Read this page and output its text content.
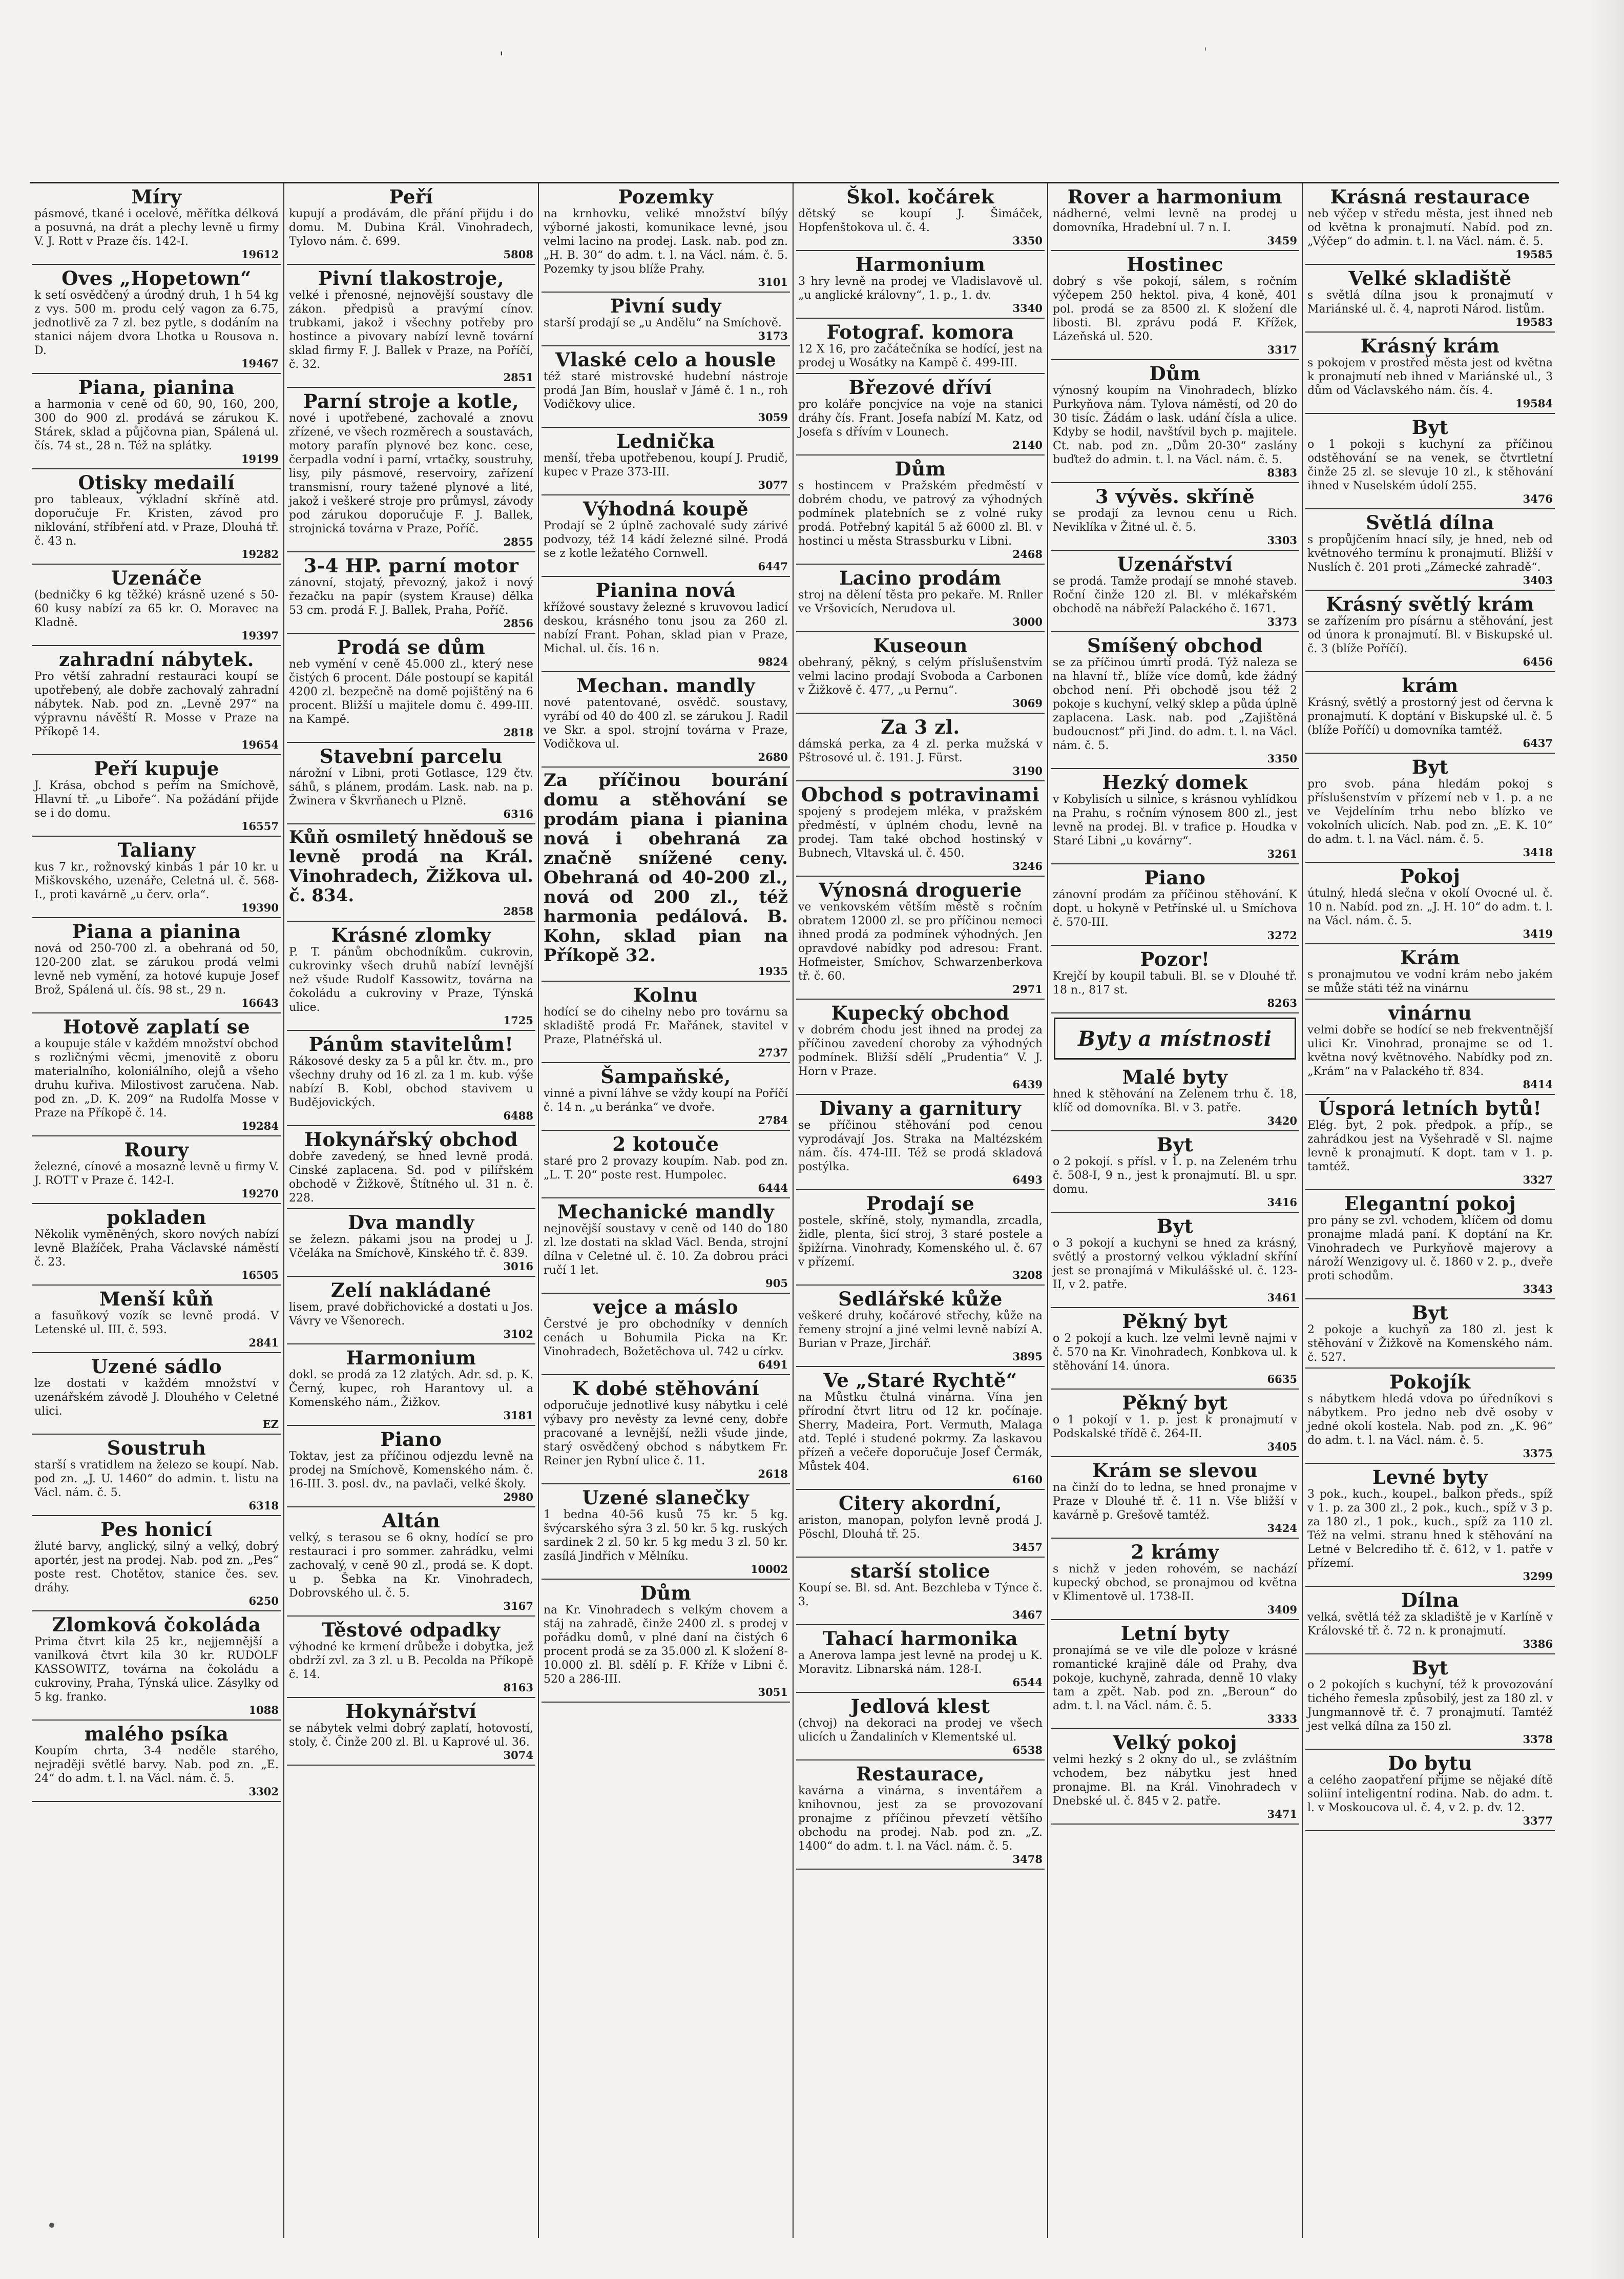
'	'
Míry
pásmové, tkané i ocelové, měřítka délková a posuvná, na drát a plechy levně u firmy V. J. Rott v Praze čís. 142-I.
19612
Oves „Hopetown“
k setí osvědčený a úrodný druh, 1 h 54 kg z vys. 500 m. produ celý vagon za 6.75, jednotlivě za 7 zl. bez pytle, s dodáním na stanici nájem dvora Lhotka u Rousova n. D.
19467
Piana, pianina
a harmonia v ceně od 60, 90, 160, 200, 300 do 900 zl. prodává se zárukou K. Stárek, sklad a půjčovna pian, Spálená ul. čís. 74 st., 28 n. Též na splátky.
19199
Otisky medailí
pro tableaux, výkladní skříně atd. doporučuje Fr. Kristen, závod pro niklování, stříbření atd. v Praze, Dlouhá tř. č. 43 n.
19282
Uzenáče
(bedničky 6 kg těžké) krásně uzené s 50-60 kusy nabízí za 65 kr. O. Moravec na Kladně.
19397
zahradní nábytek.
Pro větší zahradní restauraci koupí se upotřebený, ale dobře zachovalý zahradní nábytek. Nab. pod zn. „Levně 297“ na výpravnu návěští R. Mosse v Praze na Příkopě 14.
19654
Peří kupuje
J. Krása, obchod s peřím na Smíchově, Hlavní tř. „u Liboře“. Na požádání přijde se i do domu.
16557
Taliany
kus 7 kr., rožnovský kinbás 1 pár 10 kr. u Miškovského, uzenáře, Celetná ul. č. 568-I., proti kavárně „u červ. orla“.
19390
Piana a pianina
nová od 250-700 zl. a obehraná od 50, 120-200 zlat. se zárukou prodá velmi levně neb vymění, za hotové kupuje Josef Brož, Spálená ul. čís. 98 st., 29 n.
16643
Hotově zaplatí se
a koupuje stále v každém množství obchod s rozličnými věcmi, jmenovitě z oboru materialního, koloniálního, olejů a všeho druhu kuřiva. Milostivost zaručena. Nab. pod zn. „D. K. 209“ na Rudolfa Mosse v Praze na Příkopě č. 14.
19284
Roury
železné, cínové a mosazné levně u firmy V. J. ROTT v Praze č. 142-I.
19270
pokladen
Několik vyměněných, skoro nových nabízí levně Blažíček, Praha Václavské náměstí č. 23.
16505
Menší kůň
a fasuňkový vozík se levně prodá. V Letenské ul. III. č. 593.
2841
Uzené sádlo
lze dostati v každém množství v uzenářském závodě J. Dlouhého v Celetné ulici.
EZ
Soustruh
starší s vratidlem na železo se koupí. Nab. pod zn. „J. U. 1460“ do admin. t. listu na Václ. nám. č. 5.
6318
Pes honicí
žluté barvy, anglický, silný a velký, dobrý aportér, jest na prodej. Nab. pod zn. „Pes“ poste rest. Chotětov, stanice čes. sev. dráhy.
6250
Zlomková čokoláda
Prima čtvrt kila 25 kr., nejjemnější a vanilková čtvrt kila 30 kr. RUDOLF KASSOWITZ, továrna na čokoládu a cukroviny, Praha, Týnská ulice. Zásylky od 5 kg. franko.
1088
malého psíka
Koupím chrta, 3-4 neděle starého, nejraději světlé barvy. Nab. pod zn. „E. 24“ do adm. t. l. na Václ. nám. č. 5.
3302
Peří
kupují a prodávám, dle přání přijdu i do domu. M. Dubina Král. Vinohradech, Tylovo nám. č. 699.
5808
Pivní tlakostroje,
velké i přenosné, nejnovější soustavy dle zákon. předpisů a pravýmí cínov. trubkami, jakož i všechny potřeby pro hostince a pivovary nabízí levně tovární sklad firmy F. J. Ballek v Praze, na Poříčí, č. 32.
2851
Parní stroje a kotle,
nové i upotřebené, zachovalé a znovu zřízené, ve všech rozměrech a soustavách, motory parafín plynové bez konc. cese, čerpadla vodní i parní, vrtačky, soustruhy, lisy, pily pásmové, reservoiry, zařízení transmisní, roury tažené plynové a lité, jakož i veškeré stroje pro průmysl, závody pod zárukou doporučuje F. J. Ballek, strojnická továrna v Praze, Poříč.
2855
3-4 HP. parní motor
zánovní, stojatý, převozný, jakož i nový řezačku na papír (system Krause) dělka 53 cm. prodá F. J. Ballek, Praha, Poříč.
2856
Prodá se dům
neb vymění v ceně 45.000 zl., který nese čistých 6 procent. Dále postoupí se kapitál 4200 zl. bezpečně na domě pojištěný na 6 procent. Bližší u majitele domu č. 499-III. na Kampě.
2818
Stavební parcelu
nárožní v Libni, proti Gotlasce, 129 čtv. sáhů, s plánem, prodám. Lask. nab. na p. Žwinera v Škvrňanech u Plzně.
6316
Kůň osmiletý hnědouš se levně prodá na Král. Vinohradech, Žižkova ul. č. 834.
2858
Krásné zlomky
P. T. pánům obchodníkům. cukrovin, cukrovinky všech druhů nabízí levnější než všude Rudolf Kassowitz, továrna na čokoládu a cukroviny v Praze, Týnská ulice.
1725
Pánům stavitelům!
Rákosové desky za 5 a půl kr. čtv. m., pro všechny druhy od 16 zl. za 1 m. kub. výše nabízí B. Kobl, obchod stavivem u Budějovických.
6488
Hokynářský obchod
dobře zavedený, se hned levně prodá. Cinské zaplacena. Sd. pod v pilířském obchodě v Žižkově, Štítného ul. 31 n. č. 228.
Dva mandly
se železn. pákami jsou na prodej u J. Včeláka na Smíchově, Kinského tř. č. 839.
3016
Zelí nakládané
lisem, pravé dobřichovické a dostati u Jos. Vávry ve Všenorech.
3102
Harmonium
dokl. se prodá za 12 zlatých. Adr. sd. p. K. Černý, kupec, roh Harantovy ul. a Komenského nám., Žižkov.
3181
Piano
Toktav, jest za příčinou odjezdu levně na prodej na Smíchově, Komenského nám. č. 16-III. 3. posl. dv., na pavlači, velké školy.
2980
Altán
velký, s terasou se 6 okny, hodící se pro restauraci i pro sommer. zahrádku, velmi zachovalý, v ceně 90 zl., prodá se. K dopt. u p. Šebka na Kr. Vinohradech, Dobrovského ul. č. 5.
3167
Těstové odpadky
výhodné ke krmení drůbeže i dobytka, jež obdrží zvl. za 3 zl. u B. Pecolda na Příkopě č. 14.
8163
Hokynářství
se nábytek velmi dobrý zaplatí, hotovostí, stoly, č. Činže 200 zl. Bl. u Kaprové ul. 36.
3074
Pozemky
na krnhovku, veliké množství bílýy výborné jakosti, komunikace levné, jsou velmi lacino na prodej. Lask. nab. pod zn. „H. B. 30“ do adm. t. l. na Václ. nám. č. 5. Pozemky ty jsou blíže Prahy.
3101
Pivní sudy
starší prodají se „u Andělu“ na Smíchově.
3173
Vlaské celo a housle
též staré mistrovské hudební nástroje prodá Jan Bím, houslař v Jámě č. 1 n., roh Vodičkovy ulice.
3059
Lednička
menší, třeba upotřebenou, koupí J. Prudič, kupec v Praze 373-III.
3077
Výhodná koupě
Prodají se 2 úplně zachovalé sudy zárivé podvozy, též 14 kádí železné silné. Prodá se z kotle ležatého Cornwell.
6447
Pianina nová
křížové soustavy železné s kruvovou ladicí deskou, krásného tonu jsou za 260 zl. nabízí Frant. Pohan, sklad pian v Praze, Michal. ul. čís. 16 n.
9824
Mechan. mandly
nové patentované, osvědč. soustavy, vyrábí od 40 do 400 zl. se zárukou J. Radil ve Skr. a spol. strojní továrna v Praze, Vodičkova ul.
2680
Za příčinou bourání domu a stěhování se prodám piana i pianina nová i obehraná za značně snížené ceny. Obehraná od 40-200 zl., nová od 200 zl., též harmonia pedálová. B. Kohn, sklad pian na Příkopě 32.
1935
Kolnu
hodící se do cihelny nebo pro továrnu sa skladiště prodá Fr. Mařánek, stavitel v Praze, Platnéřská ul.
2737
Šampaňské,
vinné a pivní láhve se vždy koupí na Poříčí č. 14 n. „u beránka“ ve dvoře.
2784
2 kotouče
staré pro 2 provazy koupím. Nab. pod zn. „L. T. 20“ poste rest. Humpolec.
6444
Mechanické mandly
nejnovější soustavy v ceně od 140 do 180 zl. lze dostati na sklad Václ. Benda, strojní dílna v Celetné ul. č. 10. Za dobrou práci ručí 1 let.
905
vejce a máslo
Čerstvé je pro obchodníky v denních cenách u Bohumila Picka na Kr. Vinohradech, Božetěchova ul. 742 u církv.
6491
K dobé stěhování
odporučuje jednotlivé kusy nábytku i celé výbavy pro nevěsty za levné ceny, dobře pracované a levnější, nežli všude jinde, starý osvědčený obchod s nábytkem Fr. Reiner jen Rybní ulice č. 11.
2618
Uzené slanečky
1 bedna 40-56 kusů 75 kr. 5 kg. švýcarského sýra 3 zl. 50 kr. 5 kg. ruských sardinek 2 zl. 50 kr. 5 kg medu 3 zl. 50 kr. zasílá Jindřich v Mělníku.
10002
Dům
na Kr. Vinohradech s velkým chovem a stáj na zahradě, činže 2400 zl. s prodej v pořádku domů, v plné daní na čistých 6 procent prodá se za 35.000 zl. K složení 8-10.000 zl. Bl. sdělí p. F. Kříže v Libni č. 520 a 286-III.
3051
Škol. kočárek
dětský se koupí J. Šimáček, Hopfenštokova ul. č. 4.
3350
Harmonium
3 hry levně na prodej ve Vladislavově ul. „u anglické královny“, 1. p., 1. dv.
3340
Fotograf. komora
12 X 16, pro začátečníka se hodící, jest na prodej u Wosátky na Kampě č. 499-III.
Březové dříví
pro koláře poncjvíce na voje na stanici dráhy čís. Frant. Josefa nabízí M. Katz, od Josefa s dřívím v Lounech.
2140
Dům
s hostincem v Pražském předměstí v dobrém chodu, ve patrový za výhodných podmínek platebních se z volné ruky prodá. Potřebný kapitál 5 až 6000 zl. Bl. v hostinci u města Strassburku v Libni.
2468
Lacino prodám
stroj na dělení těsta pro pekaře. M. Rnller ve Vršovicích, Nerudova ul.
3000
Kuseoun
obehraný, pěkný, s celým příslušenstvím velmi lacino prodají Svoboda a Carbonen v Žižkově č. 477, „u Pernu“.
3069
Za 3 zl.
dámská perka, za 4 zl. perka mužská v Pštrosové ul. č. 191. J. Fürst.
3190
Obchod s potravinami
spojený s prodejem mléka, v pražském předměstí, v úplném chodu, levně na prodej. Tam také obchod hostinský v Bubnech, Vltavská ul. č. 450.
3246
Výnosná droguerie
ve venkovském větším městě s ročním obratem 12000 zl. se pro příčinou nemoci ihned prodá za podmínek výhodných. Jen opravdové nabídky pod adresou: Frant. Hofmeister, Smíchov, Schwarzenberkova tř. č. 60.
2971
Kupecký obchod
v dobrém chodu jest ihned na prodej za příčinou zavedení choroby za výhodných podmínek. Bližší sdělí „Prudentia“ V. J. Horn v Praze.
6439
Divany a garnitury
se příčinou stěhování pod cenou vyprodávají Jos. Straka na Maltézském nám. čís. 474-III. Též se prodá skladová postýlka.
6493
Prodají se
postele, skříně, stoly, nymandla, zrcadla, židle, plenta, šicí stroj, 3 staré postele a špižírna. Vinohrady, Komenského ul. č. 67 v přízemí.
3208
Sedlářské kůže
veškeré druhy, kočárové střechy, kůže na řemeny strojní a jiné velmi levně nabízí A. Burian v Praze, Jirchář.
3895
Ve „Staré Rychtě“
na Můstku čtulná vinárna. Vína jen přírodní čtvrt litru od 12 kr. počínaje. Sherry, Madeira, Port. Vermuth, Malaga atd. Teplé i studené pokrmy. Za laskavou přízeň a večeře doporučuje Josef Čermák, Můstek 404.
6160
Citery akordní,
ariston, manopan, polyfon levně prodá J. Pöschl, Dlouhá tř. 25.
3457
starší stolice
Koupí se. Bl. sd. Ant. Bezchleba v Týnce č. 3.
3467
Tahací harmonika
a Anerova lampa jest levně na prodej u K. Moravitz. Libnarská nám. 128-I.
6544
Jedlová klest
(chvoj) na dekoraci na prodej ve všech ulicích u Žandaliních v Klementské ul.
6538
Restaurace,
kavárna a vinárna, s inventářem a knihovnou, jest za se provozovaní pronajme z příčinou převzetí většího obchodu na prodej. Nab. pod zn. „Z. 1400“ do adm. t. l. na Václ. nám. č. 5.
3478
Rover a harmonium
nádherné, velmi levně na prodej u domovníka, Hradební ul. 7 n. I.
3459
Hostinec
dobrý s vše pokojí, sálem, s ročním výčepem 250 hektol. piva, 4 koně, 401 pol. prodá se za 8500 zl. K složení dle libosti. Bl. zprávu podá F. Křížek, Lázeňská ul. 520.
3317
Dům
výnosný koupím na Vinohradech, blízko Purkyňova nám. Tylova náměstí, od 20 do 30 tisíc. Žádám o lask. udání čísla a ulice. Kdyby se hodil, navštívil bych p. majitele. Ct. nab. pod zn. „Dům 20-30“ zaslány buďtež do admin. t. l. na Václ. nám. č. 5.
8383
3 vývěs. skříně
se prodají za levnou cenu u Rich. Neviklíka v Žitné ul. č. 5.
3303
Uzenářství
se prodá. Tamže prodají se mnohé staveb. Roční činže 120 zl. Bl. v mlékařském obchodě na nábřeží Palackého č. 1671.
3373
Smíšený obchod
se za příčinou úmrtí prodá. Týž naleza se na hlavní tř., blíže více domů, kde žádný obchod není. Při obchodě jsou též 2 pokoje s kuchyní, velký sklep a půda úplně zaplacena. Lask. nab. pod „Zajištěná budoucnost“ při Jind. do adm. t. l. na Václ. nám. č. 5.
3350
Hezký domek
v Kobylisích u silnice, s krásnou vyhlídkou na Prahu, s ročním výnosem 800 zl., jest levně na prodej. Bl. v trafice p. Houdka v Staré Libni „u kovárny“.
3261
Piano
zánovní prodám za příčinou stěhování. K dopt. u hokyně v Petřínské ul. u Smíchova č. 570-III.
3272
Pozor!
Krejčí by koupil tabuli. Bl. se v Dlouhé tř. 18 n., 817 st.
8263
Byty a místnosti
Malé byty
hned k stěhování na Zelenem trhu č. 18, klíč od domovníka. Bl. v 3. patře.
3420
Byt
o 2 pokojí. s přísl. v 1. p. na Zeleném trhu č. 508-I, 9 n., jest k pronajmutí. Bl. u spr. domu.
3416
Byt
o 3 pokojí a kuchyni se hned za krásný, světlý a prostorný velkou výkladní skříní jest se pronajímá v Mikulášské ul. č. 123-II, v 2. patře.
3461
Pěkný byt
o 2 pokojí a kuch. lze velmi levně najmi v č. 570 na Kr. Vinohradech, Konbkova ul. k stěhování 14. února.
6635
Pěkný byt
o 1 pokojí v 1. p. jest k pronajmutí v Podskalské třídě č. 264-II.
3405
Krám se slevou
na činží do to ledna, se hned pronajme v Praze v Dlouhé tř. č. 11 n. Vše bližší v kavárně p. Grešově tamtéž.
3424
2 krámy
s nichž v jeden rohovém, se nachází kupecký obchod, se pronajmou od května v Klimentově ul. 1738-II.
3409
Letní byty
pronajímá se ve vile dle poloze v krásné romantické krajině dále od Prahy, dva pokoje, kuchyně, zahrada, denně 10 vlaky tam a zpět. Nab. pod zn. „Beroun“ do adm. t. l. na Václ. nám. č. 5.
3333
Velký pokoj
velmi hezký s 2 okny do ul., se zvláštním vchodem, bez nábytku jest hned pronajme. Bl. na Král. Vinohradech v Dnebské ul. č. 845 v 2. patře.
3471
Krásná restaurace
neb výčep v středu města, jest ihned neb od května k pronajmutí. Nabíd. pod zn. „Výčep“ do admin. t. l. na Václ. nám. č. 5.
19585
Velké skladiště
s světlá dílna jsou k pronajmutí v Mariánské ul. č. 4, naproti Národ. listům.
19583
Krásný krám
s pokojem v prostřed města jest od května k pronajmutí neb ihned v Mariánské ul., 3 dům od Václavského nám. čís. 4.
19584
Byt
o 1 pokoji s kuchyní za příčinou odstěhování se na venek, se čtvrtletní činže 25 zl. se slevuje 10 zl., k stěhování ihned v Nuselském údolí 255.
3476
Světlá dílna
s propůjčením hnací síly, je hned, neb od květnového termínu k pronajmutí. Bližší v Nuslích č. 201 proti „Zámecké zahradě“.
3403
Krásný světlý krám
se zařízením pro písárnu a stěhování, jest od února k pronajmutí. Bl. v Biskupské ul. č. 3 (blíže Poříčí).
6456
krám
Krásný, světlý a prostorný jest od června k pronajmutí. K doptání v Biskupské ul. č. 5 (blíže Poříčí) u domovníka tamtéž.
6437
Byt
pro svob. pána hledám pokoj s příslušenstvím v přízemí neb v 1. p. a ne ve Vejdelíním trhu nebo blízko ve vokolních ulicích. Nab. pod zn. „E. K. 10“ do adm. t. l. na Václ. nám. č. 5.
3418
Pokoj
útulný, hledá slečna v okolí Ovocné ul. č. 10 n. Nabíd. pod zn. „J. H. 10“ do adm. t. l. na Václ. nám. č. 5.
3419
Krám
s pronajmutou ve vodní krám nebo jakém se může státi též na vinárnu
vinárnu
velmi dobře se hodící se neb frekventnější ulici Kr. Vinohrad, pronajme se od 1. května nový květnového. Nabídky pod zn. „Krám“ na v Palackého tř. 834.
8414
Úsporá letních bytů!
Elég. byt, 2 pok. předpok. a příp., se zahrádkou jest na Vyšehradě v Sl. najme levně k pronajmutí. K dopt. tam v 1. p. tamtéž.
3327
Elegantní pokoj
pro pány se zvl. vchodem, klíčem od domu pronajme mladá paní. K doptání na Kr. Vinohradech ve Purkyňově majerovy a nároží Wenzigovy ul. č. 1860 v 2. p., dveře proti schodům.
3343
Byt
2 pokoje a kuchyň za 180 zl. jest k stěhování v Žižkově na Komenského nám. č. 527.
Pokojík
s nábytkem hledá vdova po úředníkovi s nábytkem. Pro jedno neb dvě osoby v jedné okolí kostela. Nab. pod zn. „K. 96“ do adm. t. l. na Václ. nám. č. 5.
3375
Levné byty
3 pok., kuch., koupel., balkon předs., spíž v 1. p. za 300 zl., 2 pok., kuch., spíž v 3 p. za 180 zl., 1 pok., kuch., spíž za 110 zl. Též na velmi. stranu hned k stěhování na Letné v Belcrediho tř. č. 612, v 1. patře v přízemí.
3299
Dílna
velká, světlá též za skladiště je v Karlíně v Královské tř. č. 72 n. k pronajmutí.
3386
Byt
o 2 pokojích s kuchyní, též k provozování tichého řemesla způsobilý, jest za 180 zl. v Jungmannově tř. č. 7 pronajmutí. Tamtéž jest velká dílna za 150 zl.
3378
Do bytu
a celého zaopatření přijme se nějaké dítě soliiní inteligentní rodina. Nab. do adm. t. l. v Moskoucova ul. č. 4, v 2. p. dv. 12.
3377
